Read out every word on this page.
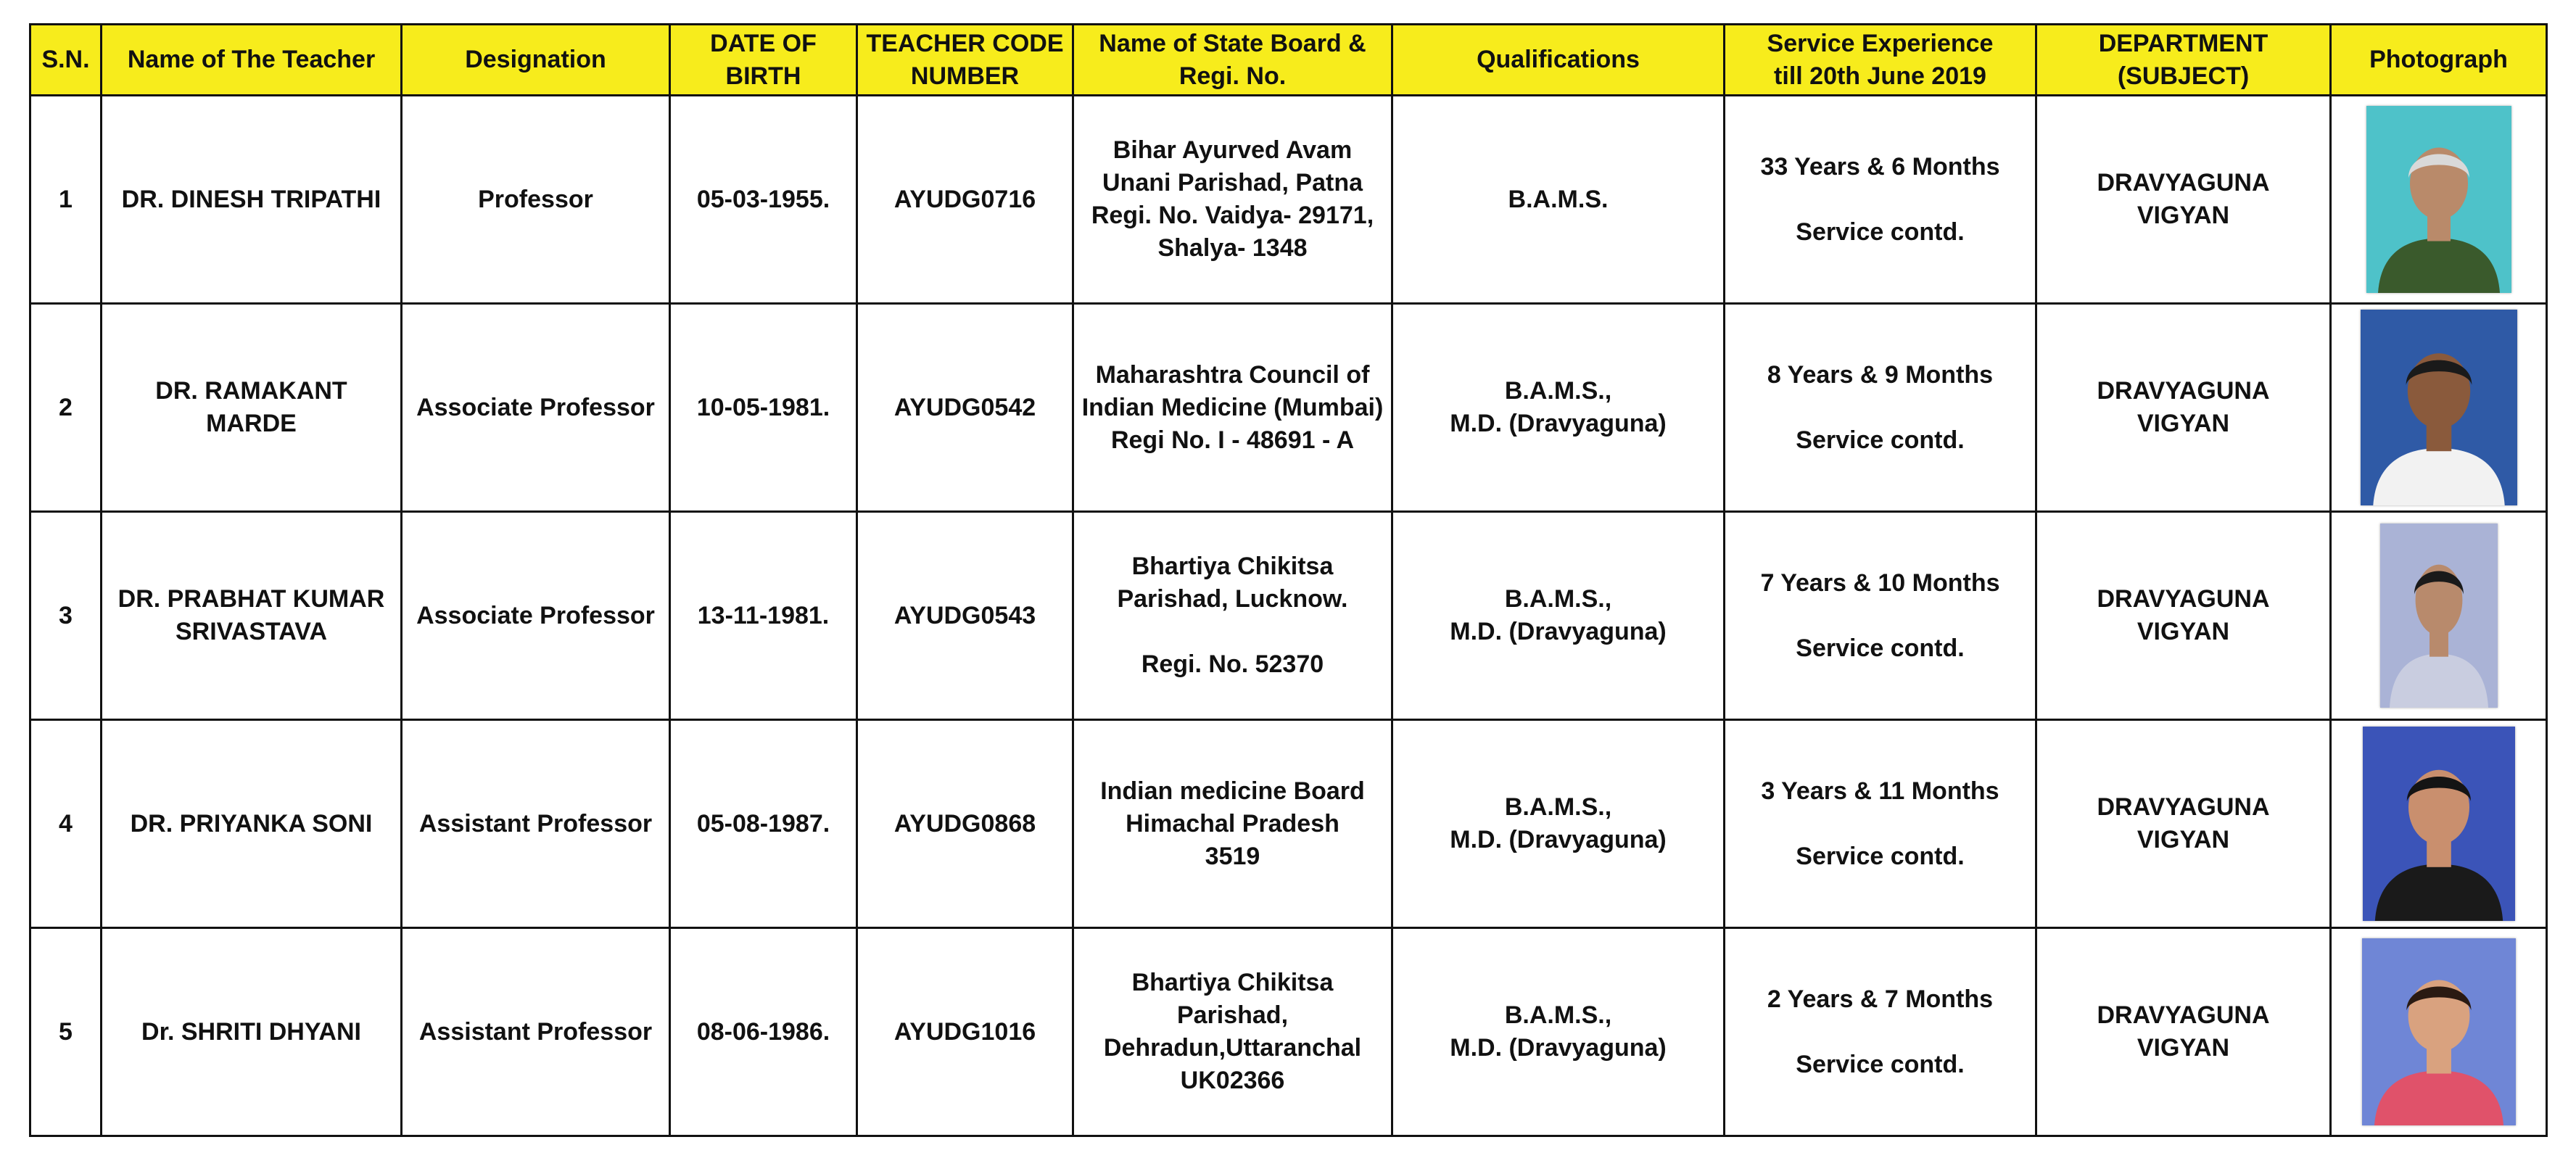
S.N.	Name of The Teacher	Designation	DATE OF
BIRTH	TEACHER CODE
NUMBER	Name of State Board &
Regi. No.	Qualifications	Service Experience
till 20th June 2019	DEPARTMENT
(SUBJECT)	Photograph
1	DR. DINESH TRIPATHI	Professor	05-03-1955.	AYUDG0716	Bihar Ayurved Avam
Unani Parishad, Patna
Regi. No. Vaidya- 29171,
Shalya- 1348	B.A.M.S.	33 Years & 6 Months

Service contd.	DRAVYAGUNA
VIGYAN	

2	DR. RAMAKANT
MARDE	Associate Professor	10-05-1981.	AYUDG0542	Maharashtra Council of
Indian Medicine (Mumbai)
Regi No. I - 48691 - A	B.A.M.S.,
M.D. (Dravyaguna)	8 Years & 9 Months

Service contd.	DRAVYAGUNA
VIGYAN	

3	DR. PRABHAT KUMAR
SRIVASTAVA	Associate Professor	13-11-1981.	AYUDG0543	Bhartiya Chikitsa
Parishad, Lucknow.

Regi. No. 52370	B.A.M.S.,
M.D. (Dravyaguna)	7 Years & 10 Months

Service contd.	DRAVYAGUNA
VIGYAN	

4	DR. PRIYANKA SONI	Assistant Professor	05-08-1987.	AYUDG0868	Indian medicine Board
Himachal Pradesh
3519	B.A.M.S.,
M.D. (Dravyaguna)	3 Years & 11 Months

Service contd.	DRAVYAGUNA
VIGYAN	

5	Dr. SHRITI DHYANI	Assistant Professor	08-06-1986.	AYUDG1016	Bhartiya Chikitsa
Parishad,
Dehradun,Uttaranchal
UK02366	B.A.M.S.,
M.D. (Dravyaguna)	2 Years & 7 Months

Service contd.	DRAVYAGUNA
VIGYAN	
